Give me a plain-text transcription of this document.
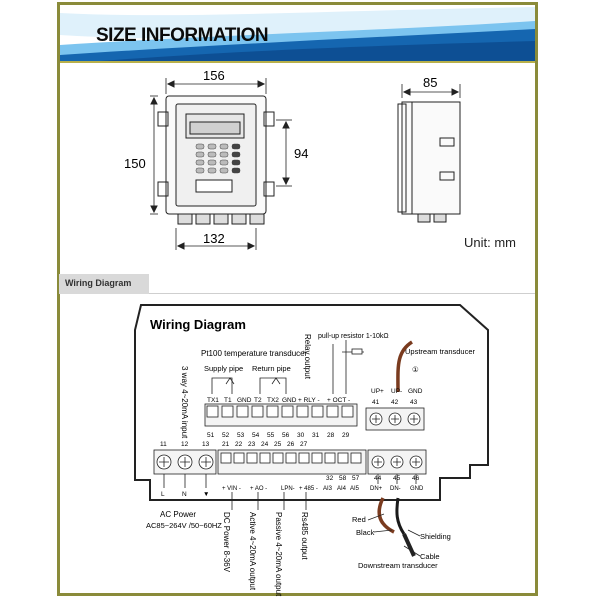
SIZE INFORMATION
156
150
94
132
85
Wiring Diagram
Pt100 temperature transducer
Supply pipe Return pipe
pull-up resistor 1-10kΩ
Relay output
3 way 4~20mA input
Upstream transducer
①
TX1 T1 GND T2 TX2 GND + RLY - + OCT -
51 52 53 54 55 56 30 31 28 29
UP+ UP- GND
41 42 43
11 12 13
L	N	▼
21 22 23 24 25 26 27
32 58 57 44 45 46
+ VIN - + AO - LPN- + 485 - AI3 AI4 AI5 DN+ DN- GND
AC Power
AC85~264V /50~60HZ DC Power 8-36V Active 4~20mA output Passive 4~20mA output Rs485 output	Red
Black	Shielding
Cable
Downstream transducer
Unit: mm
Wiring Diagram
